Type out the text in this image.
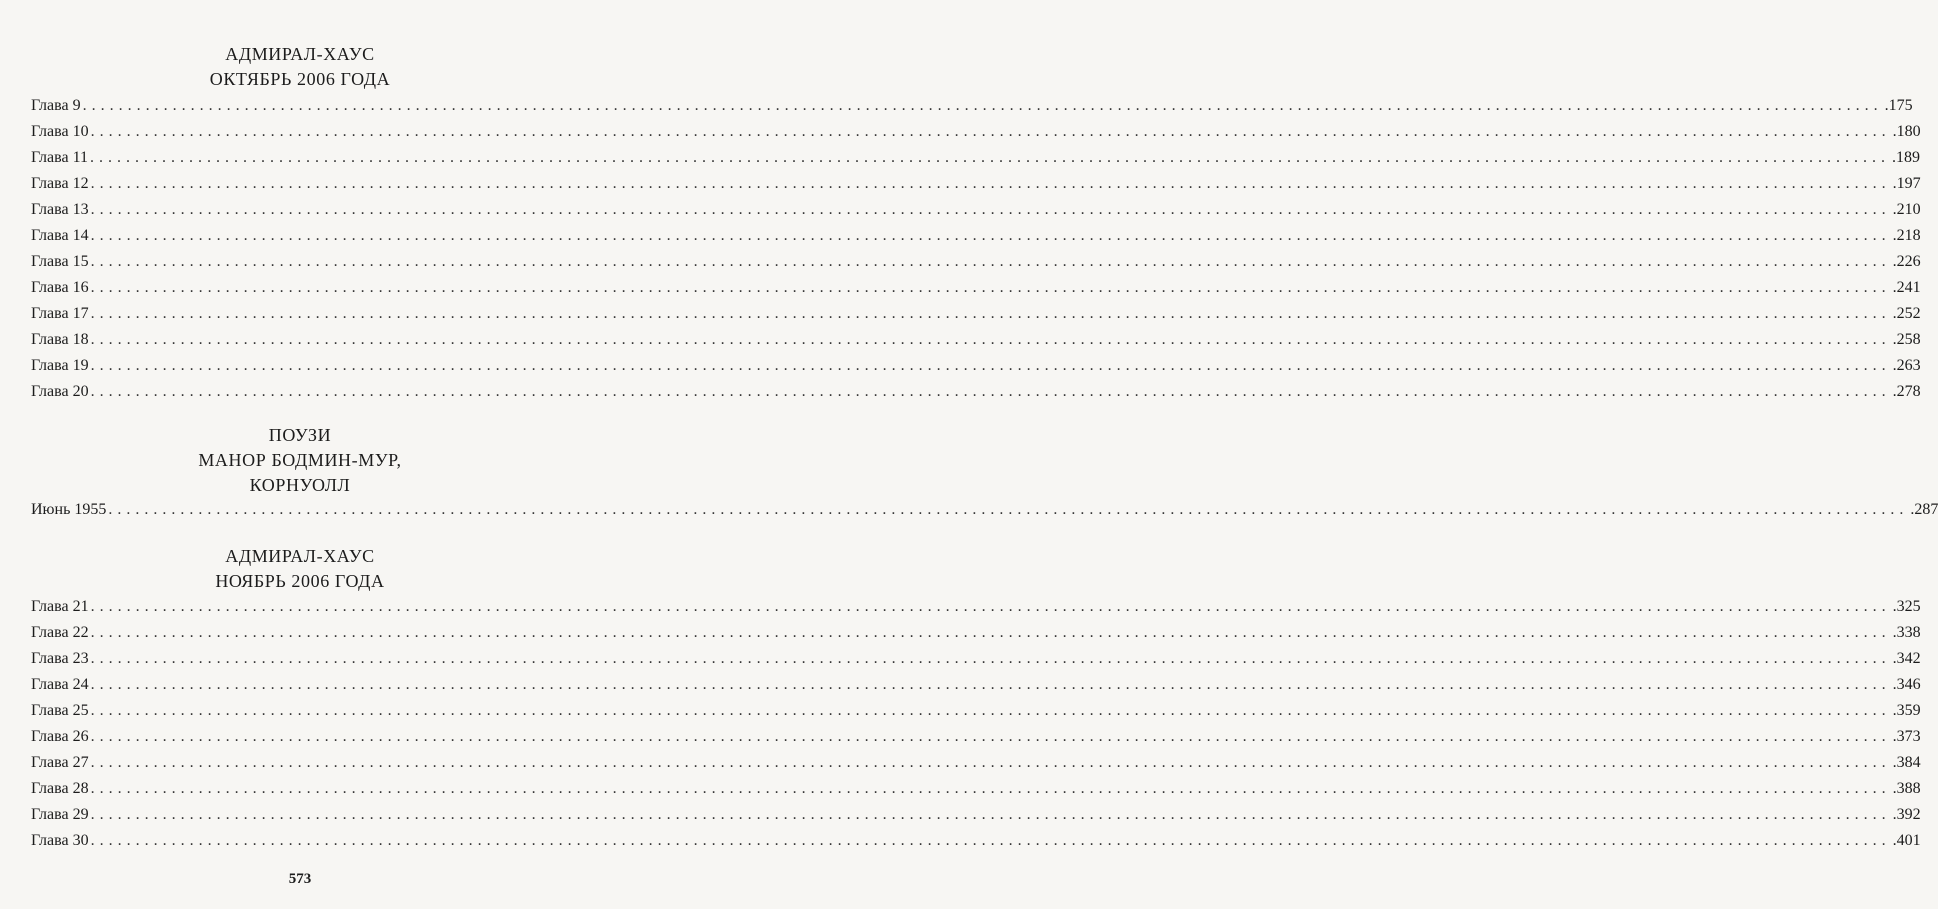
АДМИРАЛ-ХАУС
ОКТЯБРЬ 2006 ГОДА
Глава 9 ........................................................................................................................................................................................................ .175
Глава 10 ........................................................................................................................................................................................................ .180
Глава 11 ........................................................................................................................................................................................................ .189
Глава 12 ........................................................................................................................................................................................................ .197
Глава 13 ........................................................................................................................................................................................................ .210
Глава 14 ........................................................................................................................................................................................................ .218
Глава 15 ........................................................................................................................................................................................................ .226
Глава 16 ........................................................................................................................................................................................................ .241
Глава 17 ........................................................................................................................................................................................................ .252
Глава 18 ........................................................................................................................................................................................................ .258
Глава 19 ........................................................................................................................................................................................................ .263
Глава 20 ........................................................................................................................................................................................................ .278
ПОУЗИ
МАНОР БОДМИН-МУР,
КОРНУОЛЛ
Июнь 1955 ........................................................................................................................................................................................................ .287
АДМИРАЛ-ХАУС
НОЯБРЬ 2006 ГОДА
Глава 21 ........................................................................................................................................................................................................ .325
Глава 22 ........................................................................................................................................................................................................ .338
Глава 23 ........................................................................................................................................................................................................ .342
Глава 24 ........................................................................................................................................................................................................ .346
Глава 25 ........................................................................................................................................................................................................ .359
Глава 26 ........................................................................................................................................................................................................ .373
Глава 27 ........................................................................................................................................................................................................ .384
Глава 28 ........................................................................................................................................................................................................ .388
Глава 29 ........................................................................................................................................................................................................ .392
Глава 30 ........................................................................................................................................................................................................ .401
573
